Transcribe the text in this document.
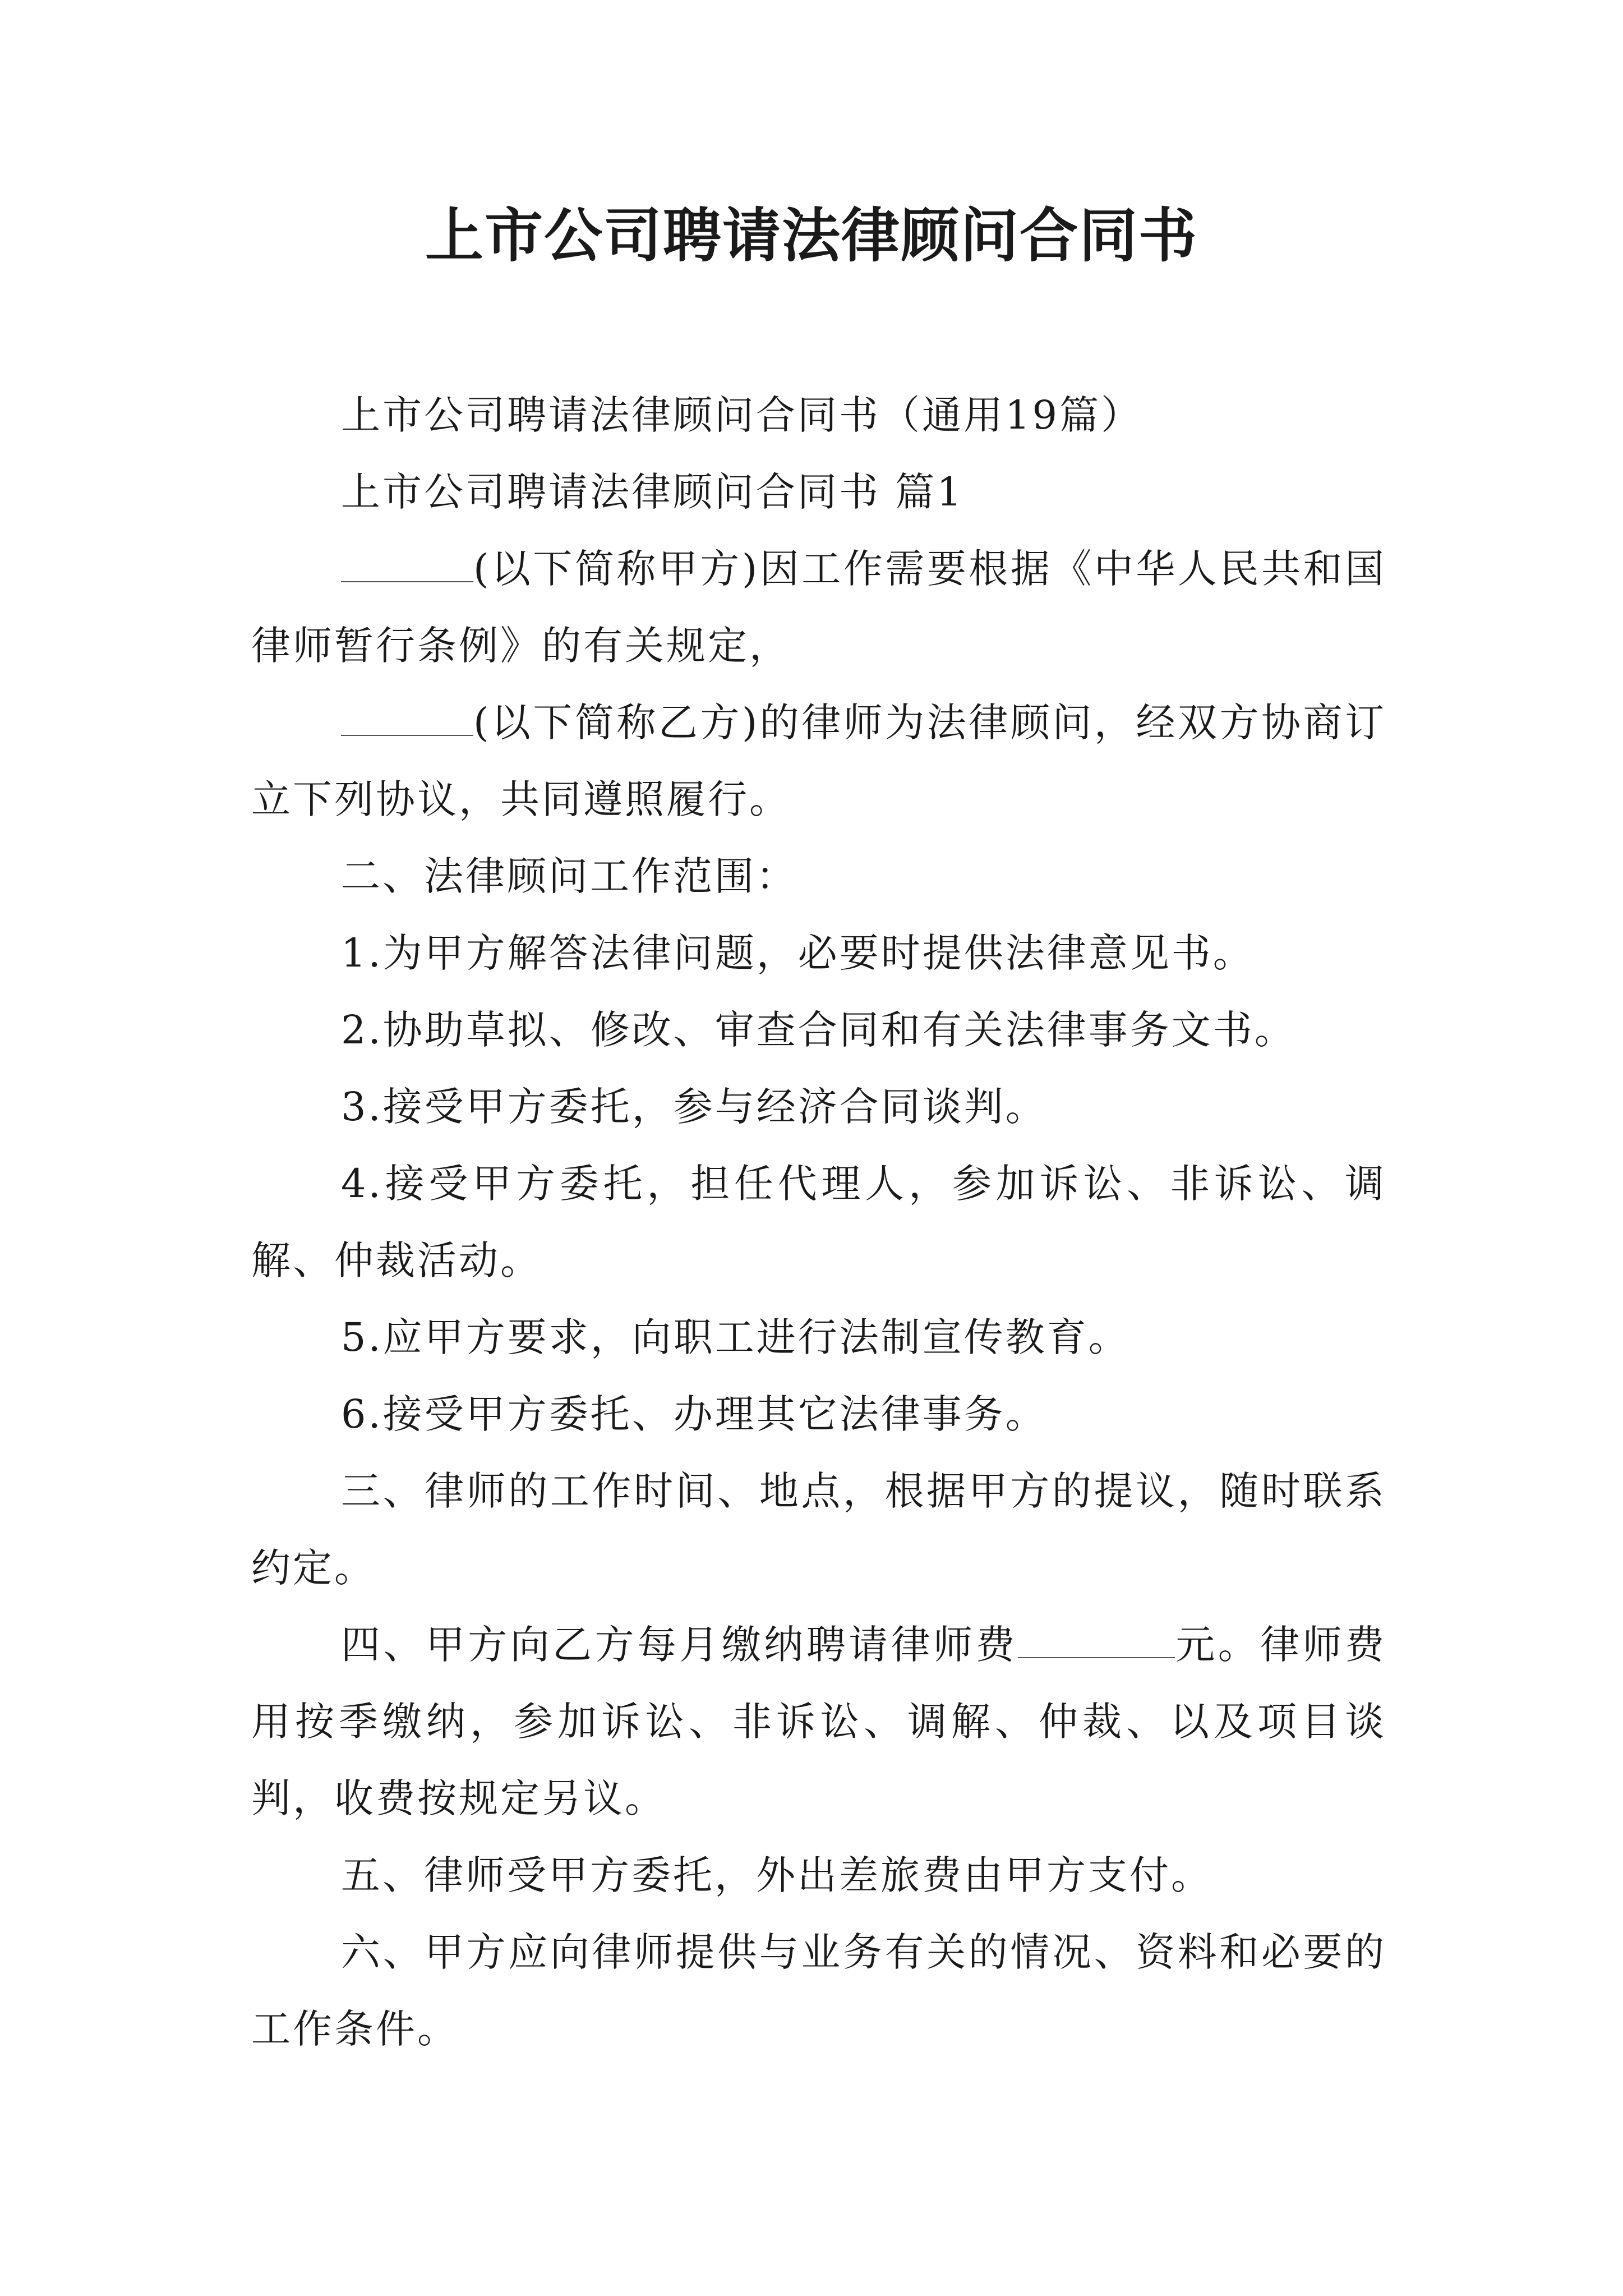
上市公司聘请法律顾问合同书

上市公司聘请法律顾问合同书（通用19篇）

上市公司聘请法律顾问合同书 篇1

(以下简称甲方)因工作需要根据《中华人民共和国律师暂行条例》的有关规定，

(以下简称乙方)的律师为法律顾问，经双方协商订立下列协议，共同遵照履行。

二、法律顾问工作范围：

1.为甲方解答法律问题，必要时提供法律意见书。

2.协助草拟、修改、审查合同和有关法律事务文书。

3.接受甲方委托，参与经济合同谈判。

4.接受甲方委托，担任代理人，参加诉讼、非诉讼、调解、仲裁活动。

5.应甲方要求，向职工进行法制宣传教育。

6.接受甲方委托、办理其它法律事务。

三、律师的工作时间、地点，根据甲方的提议，随时联系约定。

四、甲方向乙方每月缴纳聘请律师费	元。律师费用按季缴纳，参加诉讼、非诉讼、调解、仲裁、以及项目谈判，收费按规定另议。

五、律师受甲方委托，外出差旅费由甲方支付。

六、甲方应向律师提供与业务有关的情况、资料和必要的工作条件。
